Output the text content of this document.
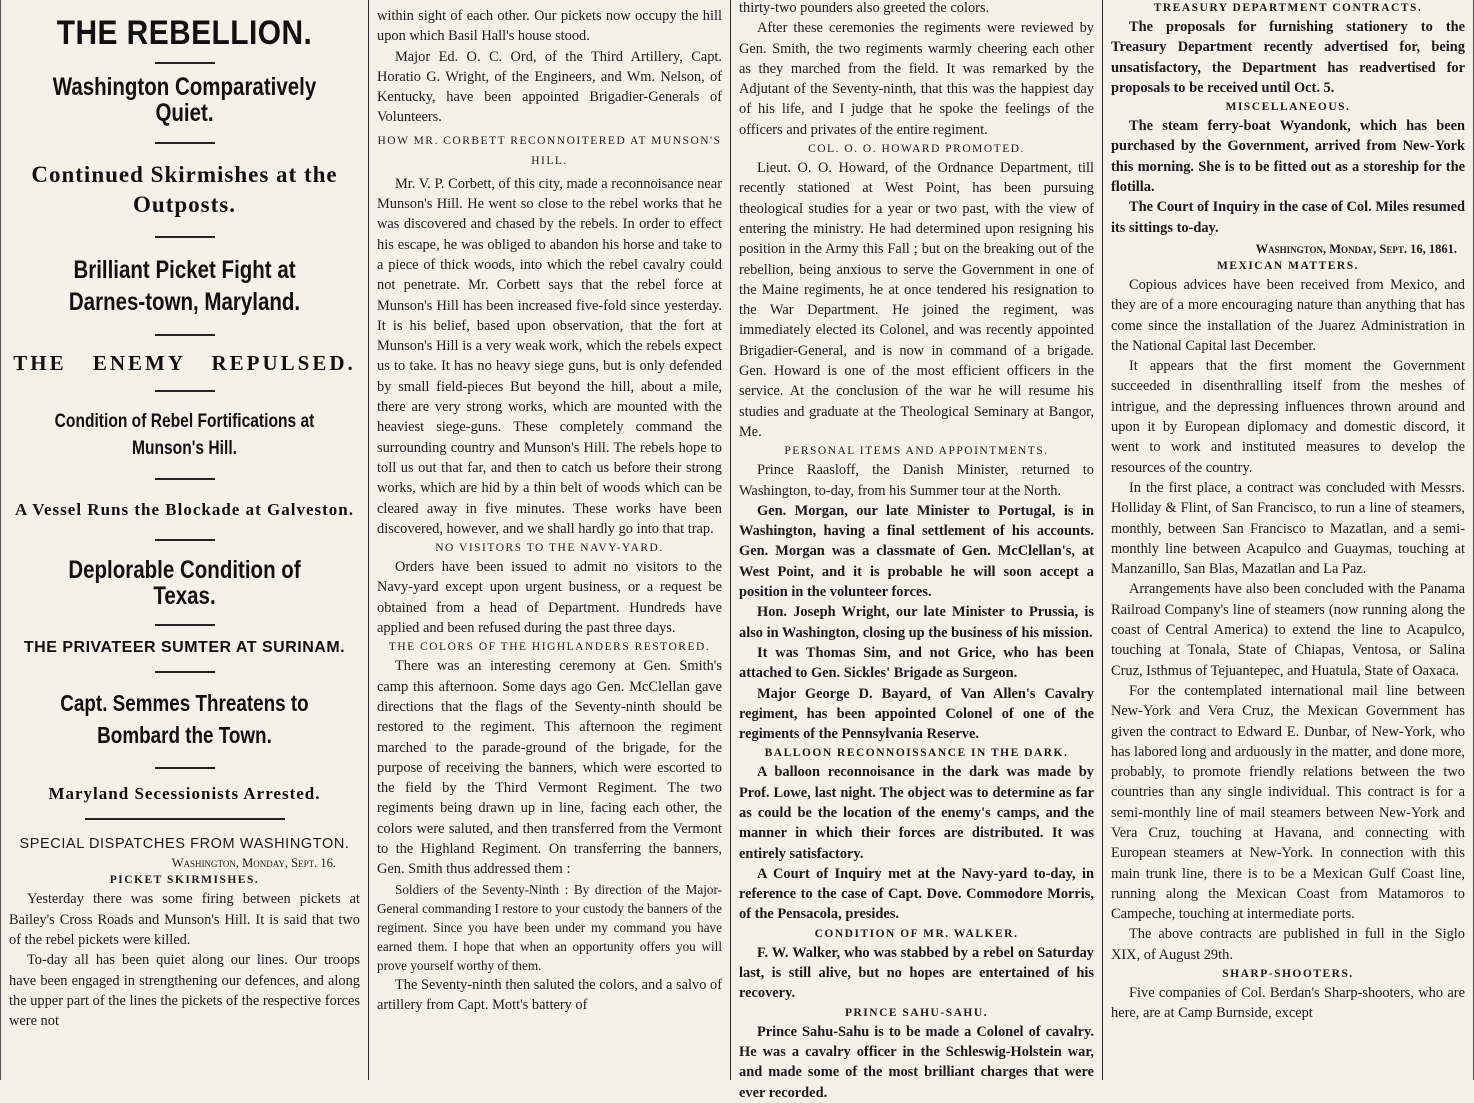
THE REBELLION.
Washington Comparatively Quiet.
Continued Skirmishes at the Outposts.
Brilliant Picket Fight at Darnes-town, Maryland.
THE ENEMY REPULSED.
Condition of Rebel Fortifications at Munson's Hill.
A Vessel Runs the Blockade at Galveston.
Deplorable Condition of Texas.
THE PRIVATEER SUMTER AT SURINAM.
Capt. Semmes Threatens to Bombard the Town.
Maryland Secessionists Arrested.
SPECIAL DISPATCHES FROM WASHINGTON.
Washington, Monday, Sept. 16.
PICKET SKIRMISHES.

Yesterday there was some firing between pickets at Bailey's Cross Roads and Munson's Hill. It is said that two of the rebel pickets were killed.

To-day all has been quiet along our lines. Our troops have been engaged in strengthening our defences, and along the upper part of the lines the pickets of the respective forces were not

within sight of each other. Our pickets now occupy the hill upon which Basil Hall's house stood.

Major Ed. O. C. Ord, of the Third Artillery, Capt. Horatio G. Wright, of the Engineers, and Wm. Nelson, of Kentucky, have been appointed Brigadier-Generals of Volunteers.

HOW MR. CORBETT RECONNOITERED AT MUNSON'S HILL.

Mr. V. P. Corbett, of this city, made a reconnoisance near Munson's Hill. He went so close to the rebel works that he was discovered and chased by the rebels. In order to effect his escape, he was obliged to abandon his horse and take to a piece of thick woods, into which the rebel cavalry could not penetrate. Mr. Corbett says that the rebel force at Munson's Hill has been increased five-fold since yesterday. It is his belief, based upon observation, that the fort at Munson's Hill is a very weak work, which the rebels expect us to take. It has no heavy siege guns, but is only defended by small field-pieces But beyond the hill, about a mile, there are very strong works, which are mounted with the heaviest siege-guns. These completely command the surrounding country and Munson's Hill. The rebels hope to toll us out that far, and then to catch us before their strong works, which are hid by a thin belt of woods which can be cleared away in five minutes. These works have been discovered, however, and we shall hardly go into that trap.

NO VISITORS TO THE NAVY-YARD.

Orders have been issued to admit no visitors to the Navy-yard except upon urgent business, or a request be obtained from a head of Department. Hundreds have applied and been refused during the past three days.

THE COLORS OF THE HIGHLANDERS RESTORED.

There was an interesting ceremony at Gen. Smith's camp this afternoon. Some days ago Gen. McClellan gave directions that the flags of the Seventy-ninth should be restored to the regiment. This afternoon the regiment marched to the parade-ground of the brigade, for the purpose of receiving the banners, which were escorted to the field by the Third Vermont Regiment. The two regiments being drawn up in line, facing each other, the colors were saluted, and then transferred from the Vermont to the Highland Regiment. On transferring the banners, Gen. Smith thus addressed them :

Soldiers of the Seventy-Ninth : By direction of the Major-General commanding I restore to your custody the banners of the regiment. Since you have been under my command you have earned them. I hope that when an opportunity offers you will prove yourself worthy of them.

The Seventy-ninth then saluted the colors, and a salvo of artillery from Capt. Mott's battery of

thirty-two pounders also greeted the colors.

After these ceremonies the regiments were reviewed by Gen. Smith, the two regiments warmly cheering each other as they marched from the field. It was remarked by the Adjutant of the Seventy-ninth, that this was the happiest day of his life, and I judge that he spoke the feelings of the officers and privates of the entire regiment.

COL. O. O. HOWARD PROMOTED.

Lieut. O. O. Howard, of the Ordnance Department, till recently stationed at West Point, has been pursuing theological studies for a year or two past, with the view of entering the ministry. He had determined upon resigning his position in the Army this Fall ; but on the breaking out of the rebellion, being anxious to serve the Government in one of the Maine regiments, he at once tendered his resignation to the War Department. He joined the regiment, was immediately elected its Colonel, and was recently appointed Brigadier-General, and is now in command of a brigade. Gen. Howard is one of the most efficient officers in the service. At the conclusion of the war he will resume his studies and graduate at the Theological Seminary at Bangor, Me.

PERSONAL ITEMS AND APPOINTMENTS.

Prince Raasloff, the Danish Minister, returned to Washington, to-day, from his Summer tour at the North.

Gen. Morgan, our late Minister to Portugal, is in Washington, having a final settlement of his accounts. Gen. Morgan was a classmate of Gen. McClellan's, at West Point, and it is probable he will soon accept a position in the volunteer forces.

Hon. Joseph Wright, our late Minister to Prussia, is also in Washington, closing up the business of his mission.

It was Thomas Sim, and not Grice, who has been attached to Gen. Sickles' Brigade as Surgeon.

Major George D. Bayard, of Van Allen's Cavalry regiment, has been appointed Colonel of one of the regiments of the Pennsylvania Reserve.

BALLOON RECONNOISSANCE IN THE DARK.

A balloon reconnoisance in the dark was made by Prof. Lowe, last night. The object was to determine as far as could be the location of the enemy's camps, and the manner in which their forces are distributed. It was entirely satisfactory.

A Court of Inquiry met at the Navy-yard to-day, in reference to the case of Capt. Dove. Commodore Morris, of the Pensacola, presides.

CONDITION OF MR. WALKER.

F. W. Walker, who was stabbed by a rebel on Saturday last, is still alive, but no hopes are entertained of his recovery.

PRINCE SAHU-SAHU.

Prince Sahu-Sahu is to be made a Colonel of cavalry. He was a cavalry officer in the Schleswig-Holstein war, and made some of the most brilliant charges that were ever recorded.

TREASURY DEPARTMENT CONTRACTS.

The proposals for furnishing stationery to the Treasury Department recently advertised for, being unsatisfactory, the Department has readvertised for proposals to be received until Oct. 5.

MISCELLANEOUS.

The steam ferry-boat Wyandonk, which has been purchased by the Government, arrived from New-York this morning. She is to be fitted out as a storeship for the flotilla.

The Court of Inquiry in the case of Col. Miles resumed its sittings to-day.

Washington, Monday, Sept. 16, 1861.
MEXICAN MATTERS.

Copious advices have been received from Mexico, and they are of a more encouraging nature than anything that has come since the installation of the Juarez Administration in the National Capital last December.

It appears that the first moment the Government succeeded in disenthralling itself from the meshes of intrigue, and the depressing influences thrown around and upon it by European diplomacy and domestic discord, it went to work and instituted measures to develop the resources of the country.

In the first place, a contract was concluded with Messrs. Holliday & Flint, of San Francisco, to run a line of steamers, monthly, between San Francisco to Mazatlan, and a semi-monthly line between Acapulco and Guaymas, touching at Manzanillo, San Blas, Mazatlan and La Paz.

Arrangements have also been concluded with the Panama Railroad Company's line of steamers (now running along the coast of Central America) to extend the line to Acapulco, touching at Tonala, State of Chiapas, Ventosa, or Salina Cruz, Isthmus of Tejuantepec, and Huatula, State of Oaxaca.

For the contemplated international mail line between New-York and Vera Cruz, the Mexican Government has given the contract to Edward E. Dunbar, of New-York, who has labored long and arduously in the matter, and done more, probably, to promote friendly relations between the two countries than any single individual. This contract is for a semi-monthly line of mail steamers between New-York and Vera Cruz, touching at Havana, and connecting with European steamers at New-York. In connection with this main trunk line, there is to be a Mexican Gulf Coast line, running along the Mexican Coast from Matamoros to Campeche, touching at intermediate ports.

The above contracts are published in full in the Siglo XIX, of August 29th.

SHARP-SHOOTERS.

Five companies of Col. Berdan's Sharp-shooters, who are here, are at Camp Burnside, except
